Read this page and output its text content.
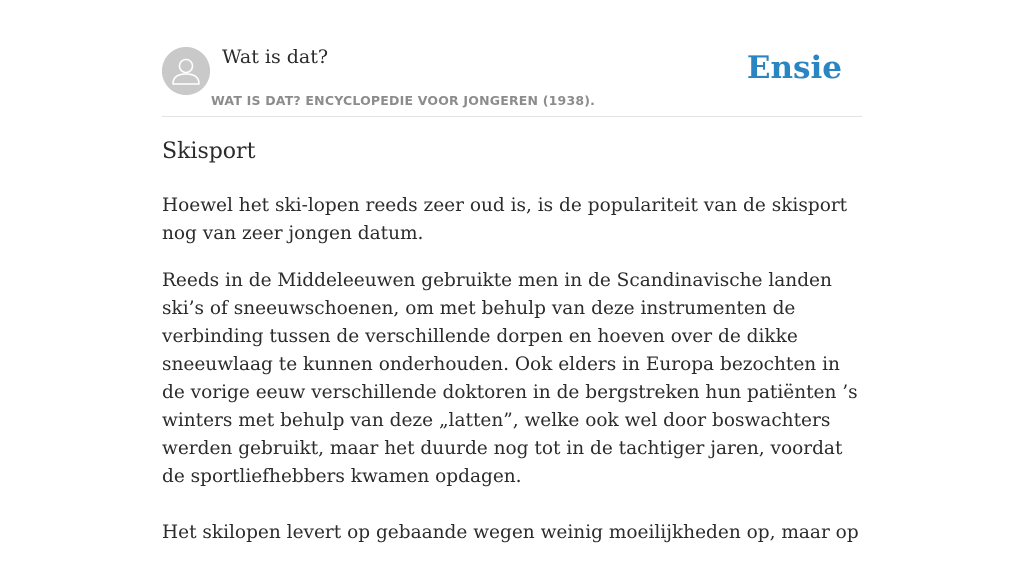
Wat is dat?
WAT IS DAT? ENCYCLOPEDIE VOOR JONGEREN (1938).
Ensie
Skisport

Hoewel het ski-lopen reeds zeer oud is, is de populariteit van de skisport nog van zeer jongen datum.

Reeds in de Middeleeuwen gebruikte men in de Scandinavische landen ski’s of sneeuwschoenen, om met behulp van deze instrumenten de verbinding tussen de verschillende dorpen en hoeven over de dikke sneeuwlaag te kunnen onderhouden. Ook elders in Europa bezochten in de vorige eeuw verschillende doktoren in de bergstreken hun patiënten ’s winters met behulp van deze „latten”, welke ook wel door boswachters werden gebruikt, maar het duurde nog tot in de tachtiger jaren, voordat de sportliefhebbers kwamen opdagen.

Het skilopen levert op gebaande wegen weinig moeilijkheden op, maar op
